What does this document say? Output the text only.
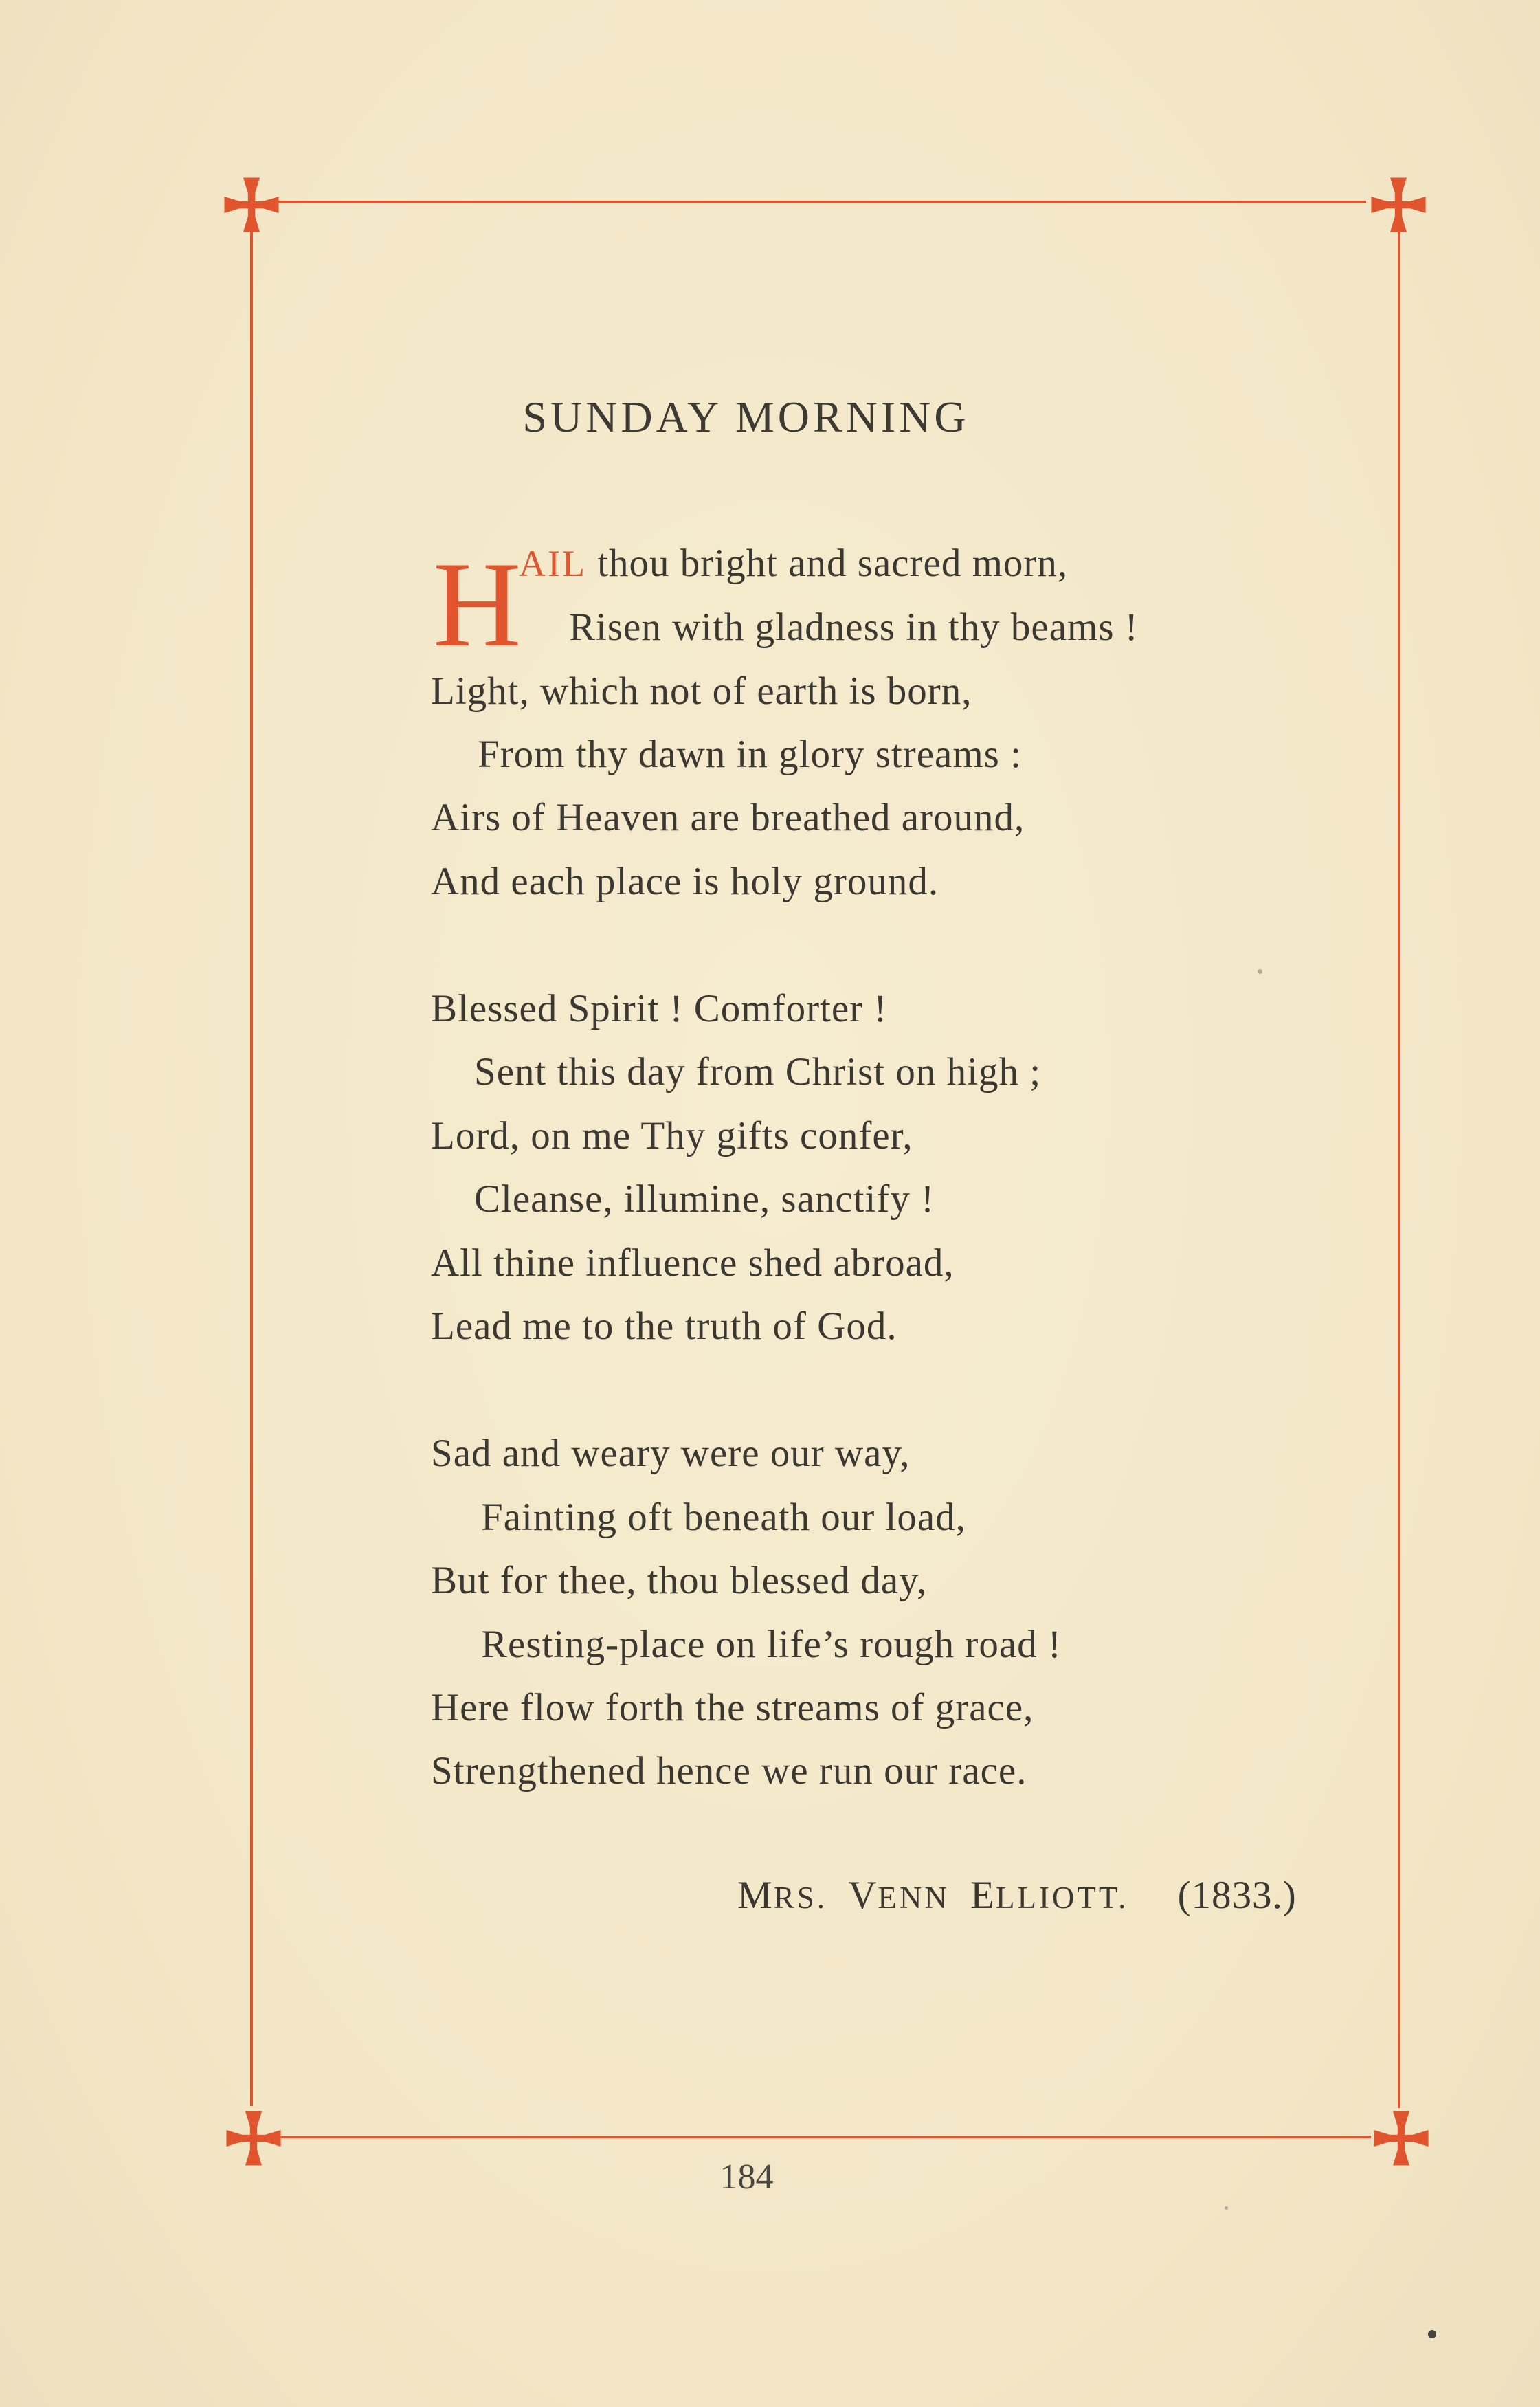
SUNDAY MORNING
H
AIL thou bright and sacred morn,
Risen with gladness in thy beams !
Light, which not of earth is born,
From thy dawn in glory streams :
Airs of Heaven are breathed around,
And each place is holy ground.
Blessed Spirit ! Comforter !
Sent this day from Christ on high ;
Lord, on me Thy gifts confer,
Cleanse, illumine, sanctify !
All thine influence shed abroad,
Lead me to the truth of God.
Sad and weary were our way,
Fainting oft beneath our load,
But for thee, thou blessed day,
Resting-place on life’s rough road !
Here flow forth the streams of grace,
Strengthened hence we run our race.
MRS. VENN ELLIOTT. (1833.)
184
